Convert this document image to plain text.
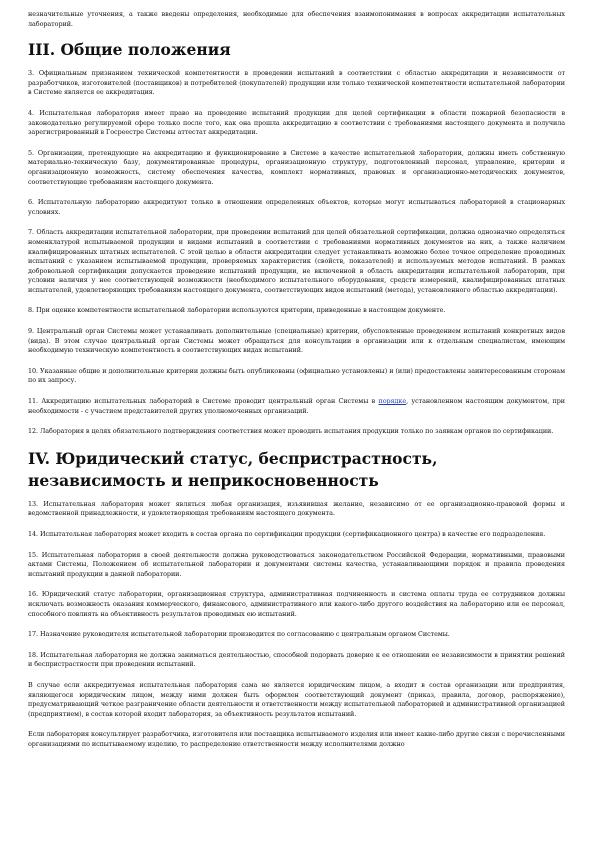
незначительные уточнения, а также введены определения, необходимые для обеспечения взаимопонимания в вопросах аккредитации испытательных лабораторий.

III. Общие положения

3. Официальным признанием технической компетентности в проведении испытаний в соответствии с областью аккредитации и независимости от разработчиков, изготовителей (поставщиков) и потребителей (покупателей) продукции или только технической компетентности испытательной лаборатории в Системе является ее аккредитация.

4. Испытательная лаборатория имеет право на проведение испытаний продукции для целей сертификации в области пожарной безопасности в законодательно регулируемой сфере только после того, как она прошла аккредитацию в соответствии с требованиями настоящего документа и получила зарегистрированный в Госреестре Системы аттестат аккредитации.

5. Организации, претендующие на аккредитацию и функционирование в Системе в качестве испытательной лаборатории, должны иметь собственную материально-техническую базу, документированные процедуры, организационную структуру, подготовленный персонал, управление, критерии и организационную возможность, систему обеспечения качества, комплект нормативных, правовых и организационно-методических документов, соответствующие требованиям настоящего документа.

6. Испытательную лабораторию аккредитуют только в отношении определенных объектов, которые могут испытываться лабораторией в стационарных условиях.

7. Область аккредитации испытательной лаборатории, при проведении испытаний для целей обязательной сертификации, должна однозначно определяться номенклатурой испытываемой продукции и видами испытаний в соответствии с требованиями нормативных документов на них, а также наличием квалифицированных штатных испытателей. С этой целью в области аккредитации следует устанавливать возможно более точное определение проводимых испытаний с указанием испытываемой продукции, проверяемых характеристик (свойств, показателей) и используемых методов испытаний. В рамках добровольной сертификации допускается проведение испытаний продукции, не включенной в область аккредитации испытательной лаборатории, при условии наличия у нее соответствующей возможности (необходимого испытательного оборудования, средств измерений, квалифицированных штатных испытателей, удовлетворяющих требованиям настоящего документа, соответствующих видов испытаний (метода), установленного областью аккредитации).

8. При оценке компетентности испытательной лаборатории используются критерии, приведенные в настоящем документе.

9. Центральный орган Системы может устанавливать дополнительные (специальные) критерии, обусловленные проведением испытаний конкретных видов (вида). В этом случае центральный орган Системы может обращаться для консультации в организации или к отдельным специалистам, имеющим необходимую техническую компетентность в соответствующих видах испытаний.

10. Указанные общие и дополнительные критерии должны быть опубликованы (официально установлены) и (или) предоставлены заинтересованным сторонам по их запросу.

11. Аккредитацию испытательных лабораторий в Системе проводит центральный орган Системы в порядке, установленном настоящим документом, при необходимости - с участием представителей других уполномоченных организаций.

12. Лаборатория в целях обязательного подтверждения соответствия может проводить испытания продукции только по заявкам органов по сертификации.

IV. Юридический статус, беспристрастность, независимость и неприкосновенность

13. Испытательная лаборатория может являться любая организация, изъявившая желание, независимо от ее организационно-правовой формы и ведомственной принадлежности, и удовлетворяющая требованиям настоящего документа.

14. Испытательная лаборатория может входить в состав органа по сертификации продукции (сертификационного центра) в качестве его подразделения.

15. Испытательная лаборатория в своей деятельности должна руководствоваться законодательством Российской Федерации, нормативными, правовыми актами Системы, Положением об испытательной лаборатории и документами системы качества, устанавливающими порядок и правила проведения испытаний продукции в данной лаборатории.

16. Юридический статус лаборатории, организационная структура, административная подчиненность и система оплаты труда ее сотрудников должны исключать возможность оказания коммерческого, финансового, административного или какого-либо другого воздействия на лабораторию или ее персонал, способного повлиять на объективность результатов проводимых ею испытаний.

17. Назначение руководителя испытательной лаборатории производится по согласованию с центральным органом Системы.

18. Испытательная лаборатория не должна заниматься деятельностью, способной подорвать доверие к ее отношении ее независимости в принятии решений и беспристрастности при проведении испытаний.

В случае если аккредитуемая испытательная лаборатория сама не является юридическим лицом, а входит в состав организации или предприятия, являющегося юридическим лицом, между ними должен быть оформлен соответствующий документ (приказ, правила, договор, распоряжение), предусматривающий четкое разграничение области деятельности и ответственности между испытательной лабораторией и административной организацией (предприятием), в состав которой входит лаборатория, за объективность результатов испытаний.

Если лаборатория консультирует разработчика, изготовителя или поставщика испытываемого изделия или имеет какие-либо другие связи с перечисленными организациями по испытываемому изделию, то распределение ответственности между исполнителями должно
